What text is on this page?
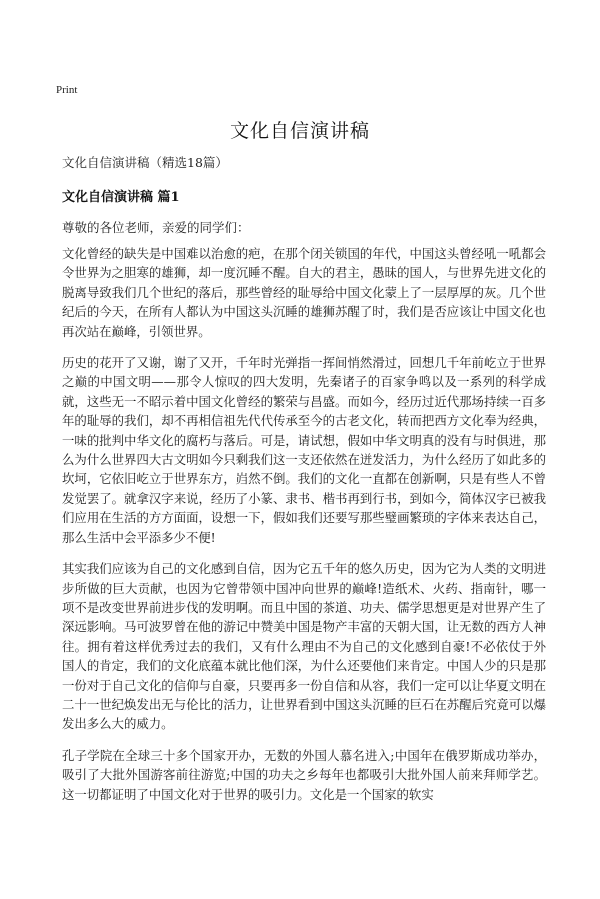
Print
文化自信演讲稿
文化自信演讲稿（精选18篇）
文化自信演讲稿 篇1
尊敬的各位老师，亲爱的同学们：

文化曾经的缺失是中国难以治愈的疤，在那个闭关锁国的年代，中国这头曾经吼一吼都会令世界为之胆寒的雄狮，却一度沉睡不醒。自大的君主，愚昧的国人，与世界先进文化的脱离导致我们几个世纪的落后，那些曾经的耻辱给中国文化蒙上了一层厚厚的灰。几个世纪后的今天，在所有人都认为中国这头沉睡的雄狮苏醒了时，我们是否应该让中国文化也再次站在巅峰，引领世界。

历史的花开了又谢，谢了又开，千年时光弹指一挥间悄然滑过，回想几千年前屹立于世界之巅的中国文明——那令人惊叹的四大发明，先秦诸子的百家争鸣以及一系列的科学成就，这些无一不昭示着中国文化曾经的繁荣与昌盛。而如今，经历过近代那场持续一百多年的耻辱的我们，却不再相信祖先代代传承至今的古老文化，转而把西方文化奉为经典，一味的批判中华文化的腐朽与落后。可是，请试想，假如中华文明真的没有与时俱进，那么为什么世界四大古文明如今只剩我们这一支还依然在迸发活力，为什么经历了如此多的坎坷，它依旧屹立于世界东方，岿然不倒。我们的文化一直都在创新啊，只是有些人不曾发觉罢了。就拿汉字来说，经历了小篆、隶书、楷书再到行书，到如今，简体汉字已被我们应用在生活的方方面面，设想一下，假如我们还要写那些璧画繁琐的字体来表达自己，那么生活中会平添多少不便!

其实我们应该为自己的文化感到自信，因为它五千年的悠久历史，因为它为人类的文明进步所做的巨大贡献，也因为它曾带领中国冲向世界的巅峰!造纸术、火药、指南针，哪一项不是改变世界前进步伐的发明啊。而且中国的茶道、功夫、儒学思想更是对世界产生了深远影响。马可波罗曾在他的游记中赞美中国是物产丰富的天朝大国，让无数的西方人神往。拥有着这样优秀过去的我们，又有什么理由不为自己的文化感到自豪!不必依仗于外国人的肯定，我们的文化底蕴本就比他们深，为什么还要他们来肯定。中国人少的只是那一份对于自己文化的信仰与自豪，只要再多一份自信和从容，我们一定可以让华夏文明在二十一世纪焕发出无与伦比的活力，让世界看到中国这头沉睡的巨石在苏醒后究竟可以爆发出多么大的威力。

孔子学院在全球三十多个国家开办，无数的外国人慕名进入;中国年在俄罗斯成功举办，吸引了大批外国游客前往游览;中国的功夫之乡每年也都吸引大批外国人前来拜师学艺。这一切都证明了中国文化对于世界的吸引力。文化是一个国家的软实
